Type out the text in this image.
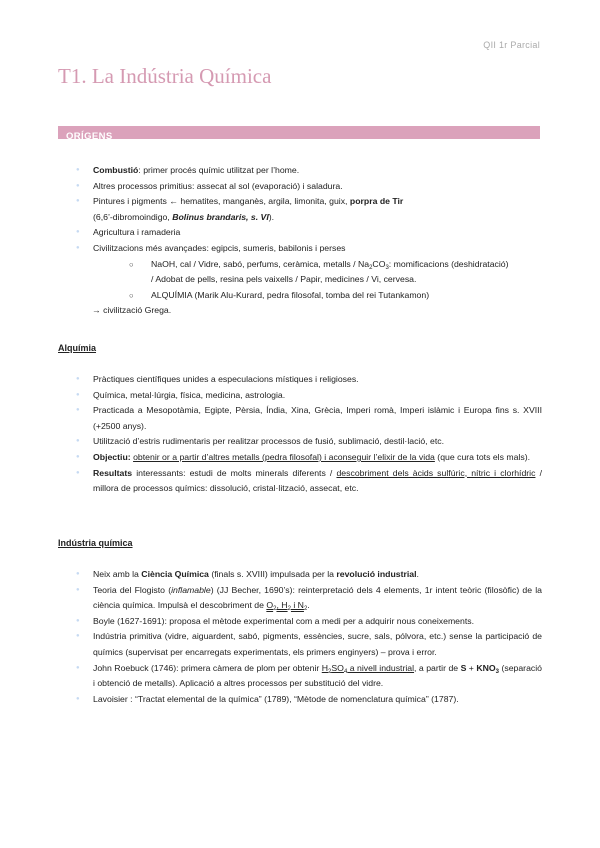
QII 1r Parcial
T1. La Indústria Química
ORÍGENS
● Combustió: primer procés químic utilitzat per l’home.
● Altres processos primitius: assecat al sol (evaporació) i saladura.
● Pintures i pigments ← hematites, manganès, argila, limonita, guix, porpra de Tir
(6,6’-dibromoindigo, Bolinus brandaris, s. VI).
● Agricultura i ramaderia
● Civilitzacions més avançades: egipcis, sumeris, babilonis i perses
○ NaOH, cal / Vidre, sabó, perfums, ceràmica, metalls / $Na_2CO_3$: momificacions (deshidratació)
/ Adobat de pells, resina pels vaixells / Papir, medicines / Vi, cervesa.
○ ALQUÍMIA (Marik Alu-Kurard, pedra filosofal, tomba del rei Tutankamon)
→ civilització Grega.
Alquímia
● Pràctiques científiques unides a especulacions místiques i religioses.
● Química, metal·lúrgia, física, medicina, astrologia.
● Practicada a Mesopotàmia, Egipte, Pèrsia, Índia, Xina, Grècia, Imperi romà, Imperi islàmic i Europa fins s. XVIII (+2500 anys).
● Utilització d’estris rudimentaris per realitzar processos de fusió, sublimació, destil·lació, etc.
● Objectiu: obtenir or a partir d’altres metalls (pedra filosofal) i aconseguir l’elixir de la vida (que cura tots els mals).
● Resultats interessants: estudi de molts minerals diferents / descobriment dels àcids sulfúric, nítric i clorhídric / millora de processos químics: dissolució, cristal·lització, assecat, etc.
Indústria química
● Neix amb la Ciència Química (finals s. XVIII) impulsada per la revolució industrial.
● Teoria del Flogisto (inflamable) (JJ Becher, 1690’s): reinterpretació dels 4 elements, 1r intent teòric (filosòfic) de la ciència química. Impulsà el descobriment de $O_2$, $H_2$ i $N_2$.
● Boyle (1627-1691): proposa el mètode experimental com a medi per a adquirir nous coneixements.
● Indústria primitiva (vidre, aiguardent, sabó, pigments, essències, sucre, sals, pólvora, etc.) sense la participació de químics (supervisat per encarregats experimentats, els primers enginyers) – prova i error.
● John Roebuck (1746): primera càmera de plom per obtenir $H_2SO_4$ a nivell industrial, a partir de $S + KNO_3$ (separació i obtenció de metalls). Aplicació a altres processos per substitució del vidre.
● Lavoisier : “Tractat elemental de la química” (1789), “Mètode de nomenclatura química” (1787).
